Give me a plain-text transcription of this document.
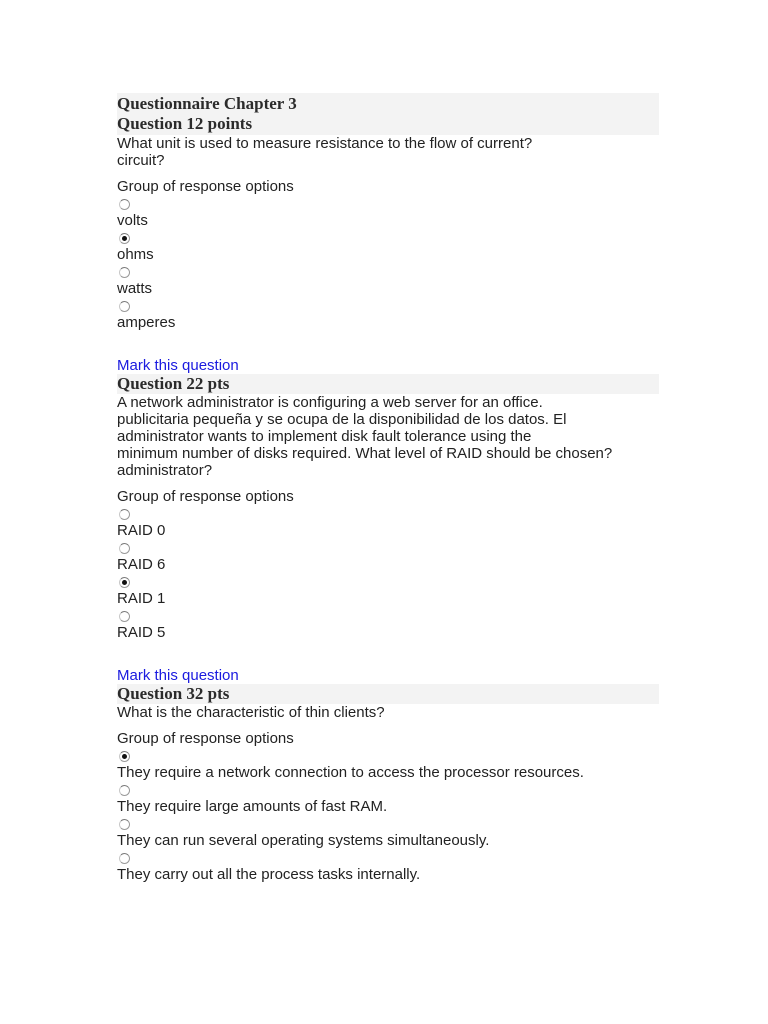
Questionnaire Chapter 3
Question 12 points
What unit is used to measure resistance to the flow of current?
circuit?
Group of response options
volts
ohms
watts
amperes
Mark this question
Question 22 pts
A network administrator is configuring a web server for an office.
publicitaria pequeña y se ocupa de la disponibilidad de los datos. El
administrator wants to implement disk fault tolerance using the
minimum number of disks required. What level of RAID should be chosen?
administrator?
Group of response options
RAID 0
RAID 6
RAID 1
RAID 5
Mark this question
Question 32 pts
What is the characteristic of thin clients?
Group of response options
They require a network connection to access the processor resources.
They require large amounts of fast RAM.
They can run several operating systems simultaneously.
They carry out all the process tasks internally.
